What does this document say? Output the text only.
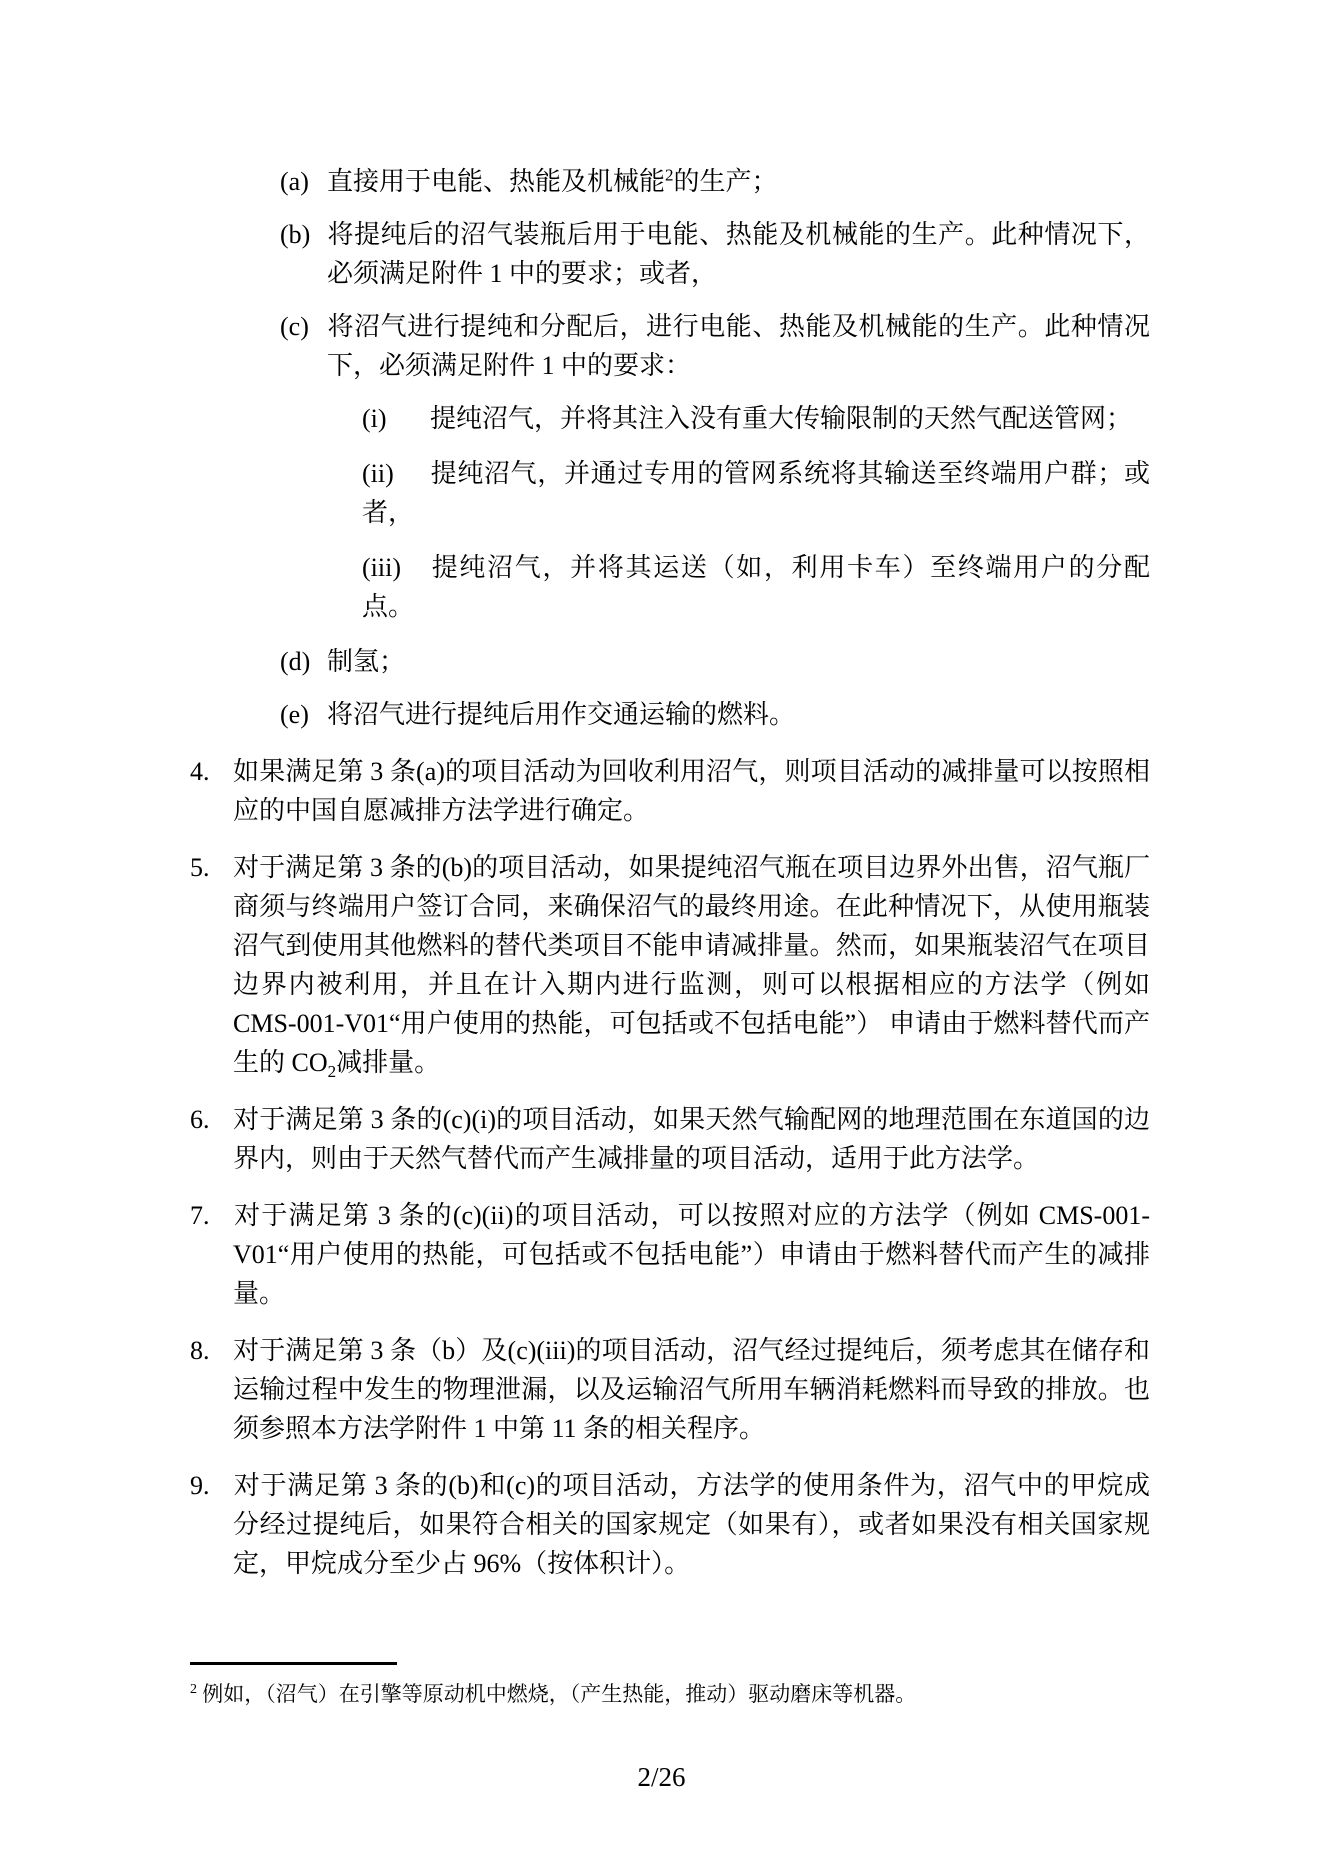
(a) 直接用于电能、热能及机械能$^2$的生产；
(b) 将提纯后的沼气装瓶后用于电能、热能及机械能的生产。此种情况下，必须满足附件 1 中的要求；或者，
(c) 将沼气进行提纯和分配后，进行电能、热能及机械能的生产。此种情况下，必须满足附件 1 中的要求：
(i) 提纯沼气，并将其注入没有重大传输限制的天然气配送管网；
(ii) 提纯沼气，并通过专用的管网系统将其输送至终端用户群；或者，
(iii) 提纯沼气，并将其运送（如，利用卡车）至终端用户的分配点。
(d) 制氢；
(e) 将沼气进行提纯后用作交通运输的燃料。
4. 如果满足第 3 条(a)的项目活动为回收利用沼气，则项目活动的减排量可以按照相应的中国自愿减排方法学进行确定。
5. 对于满足第 3 条的(b)的项目活动，如果提纯沼气瓶在项目边界外出售，沼气瓶厂商须与终端用户签订合同，来确保沼气的最终用途。在此种情况下，从使用瓶装沼气到使用其他燃料的替代类项目不能申请减排量。然而，如果瓶装沼气在项目边界内被利用，并且在计入期内进行监测，则可以根据相应的方法学（例如 CMS-001-V01“用户使用的热能，可包括或不包括电能”） 申请由于燃料替代而产生的 $CO_2$减排量。
6. 对于满足第 3 条的(c)(i)的项目活动，如果天然气输配网的地理范围在东道国的边界内，则由于天然气替代而产生减排量的项目活动，适用于此方法学。
7. 对于满足第 3 条的(c)(ii)的项目活动，可以按照对应的方法学（例如 CMS-001-V01“用户使用的热能，可包括或不包括电能”）申请由于燃料替代而产生的减排量。
8. 对于满足第 3 条（b）及(c)(iii)的项目活动，沼气经过提纯后，须考虑其在储存和运输过程中发生的物理泄漏，以及运输沼气所用车辆消耗燃料而导致的排放。也须参照本方法学附件 1 中第 11 条的相关程序。
9. 对于满足第 3 条的(b)和(c)的项目活动，方法学的使用条件为，沼气中的甲烷成分经过提纯后，如果符合相关的国家规定（如果有），或者如果没有相关国家规定，甲烷成分至少占 96%（按体积计）。
$^2$ 例如，（沼气）在引擎等原动机中燃烧，（产生热能，推动）驱动磨床等机器。
2/26
